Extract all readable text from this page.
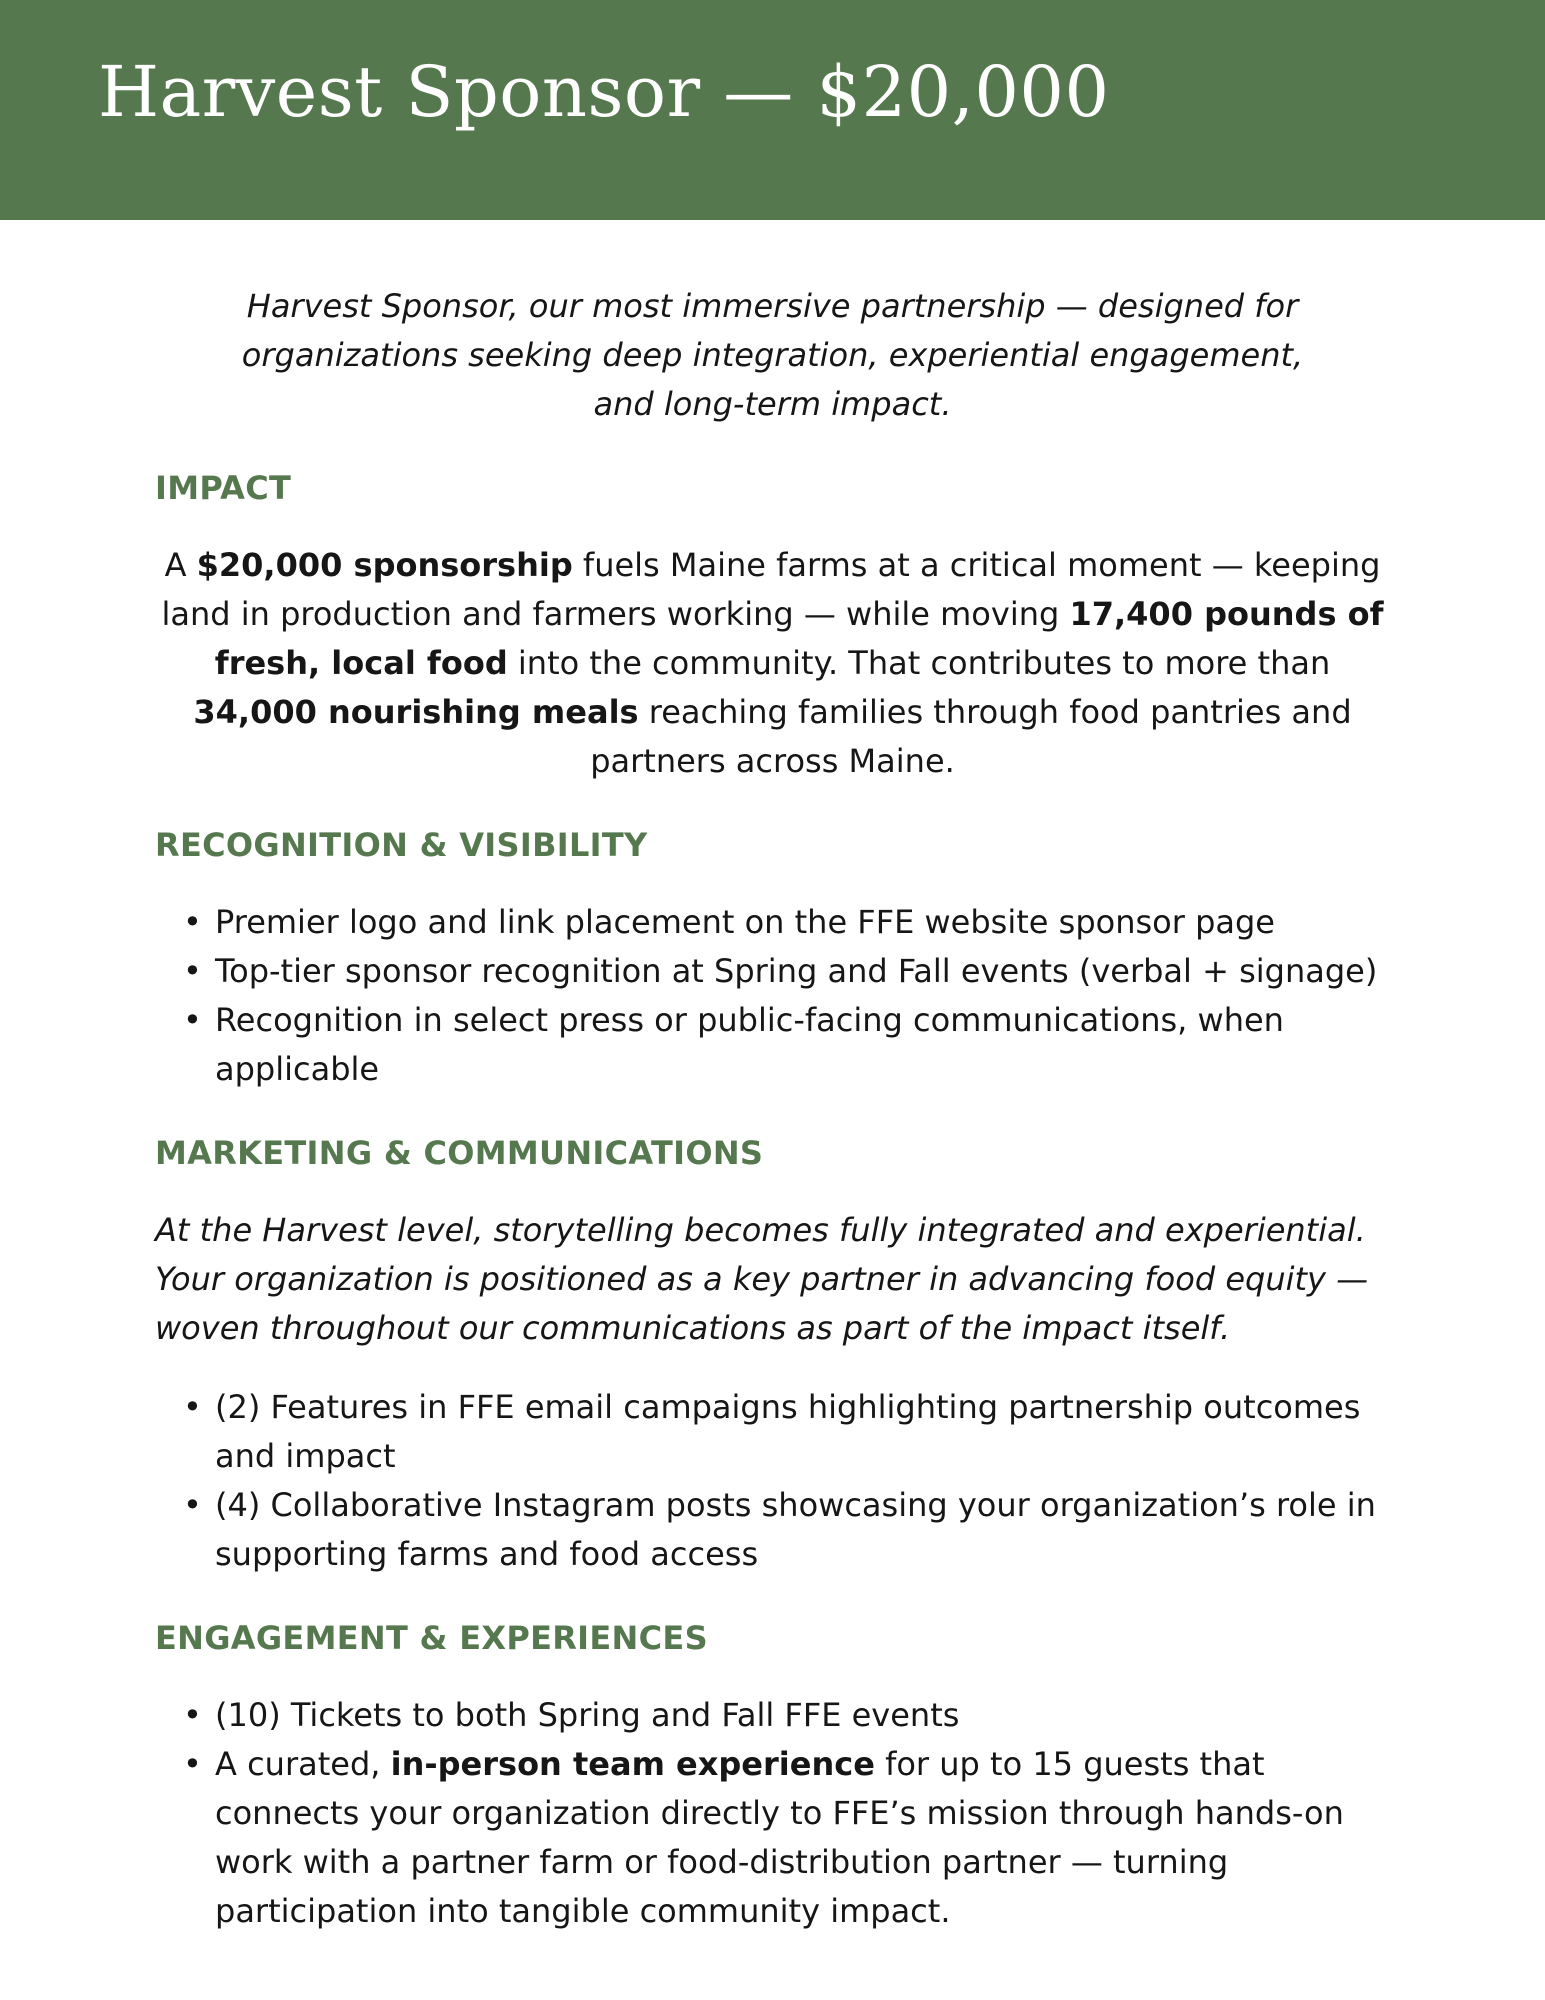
Harvest Sponsor — $20,000

Harvest Sponsor, our most immersive partnership — designed for organizations seeking deep integration, experiential engagement, and long-term impact.

IMPACT

A $20,000 sponsorship fuels Maine farms at a critical moment — keeping land in production and farmers working — while moving 17,400 pounds of fresh, local food into the community. That contributes to more than 34,000 nourishing meals reaching families through food pantries and partners across Maine.

RECOGNITION & VISIBILITY
• Premier logo and link placement on the FFE website sponsor page
• Top-tier sponsor recognition at Spring and Fall events (verbal + signage)
• Recognition in select press or public-facing communications, when applicable
MARKETING & COMMUNICATIONS

At the Harvest level, storytelling becomes fully integrated and experiential. Your organization is positioned as a key partner in advancing food equity — woven throughout our communications as part of the impact itself.

• (2) Features in FFE email campaigns highlighting partnership outcomes and impact
• (4) Collaborative Instagram posts showcasing your organization’s role in supporting farms and food access
ENGAGEMENT & EXPERIENCES
• (10) Tickets to both Spring and Fall FFE events
• A curated, in-person team experience for up to 15 guests that connects your organization directly to FFE’s mission through hands-on work with a partner farm or food-distribution partner — turning participation into tangible community impact.
